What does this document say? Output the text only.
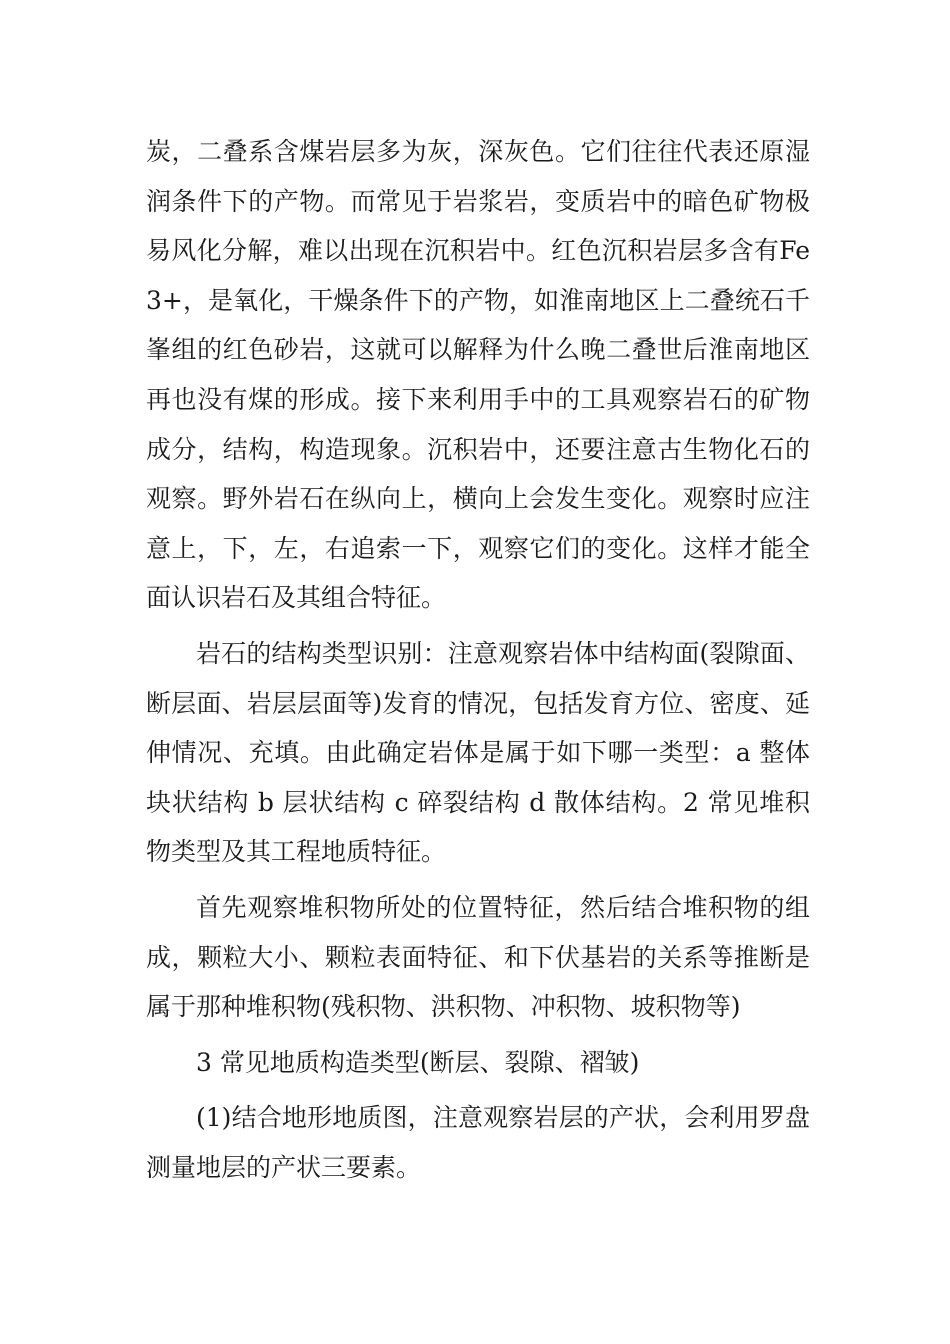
炭，二叠系含煤岩层多为灰，深灰色。它们往往代表还原湿润条件下的产物。而常见于岩浆岩，变质岩中的暗色矿物极易风化分解，难以出现在沉积岩中。红色沉积岩层多含有Fe3+，是氧化，干燥条件下的产物，如淮南地区上二叠统石千峯组的红色砂岩，这就可以解释为什么晚二叠世后淮南地区再也没有煤的形成。接下来利用手中的工具观察岩石的矿物成分，结构，构造现象。沉积岩中，还要注意古生物化石的观察。野外岩石在纵向上，横向上会发生变化。观察时应注意上，下，左，右追索一下，观察它们的变化。这样才能全面认识岩石及其组合特征。

岩石的结构类型识别：注意观察岩体中结构面(裂隙面、断层面、岩层层面等)发育的情况，包括发育方位、密度、延伸情况、充填。由此确定岩体是属于如下哪一类型：a 整体块状结构 b 层状结构 c 碎裂结构 d 散体结构。2 常见堆积物类型及其工程地质特征。

首先观察堆积物所处的位置特征，然后结合堆积物的组成，颗粒大小、颗粒表面特征、和下伏基岩的关系等推断是属于那种堆积物(残积物、洪积物、冲积物、坡积物等)

3 常见地质构造类型(断层、裂隙、褶皱)

(1)结合地形地质图，注意观察岩层的产状，会利用罗盘测量地层的产状三要素。
